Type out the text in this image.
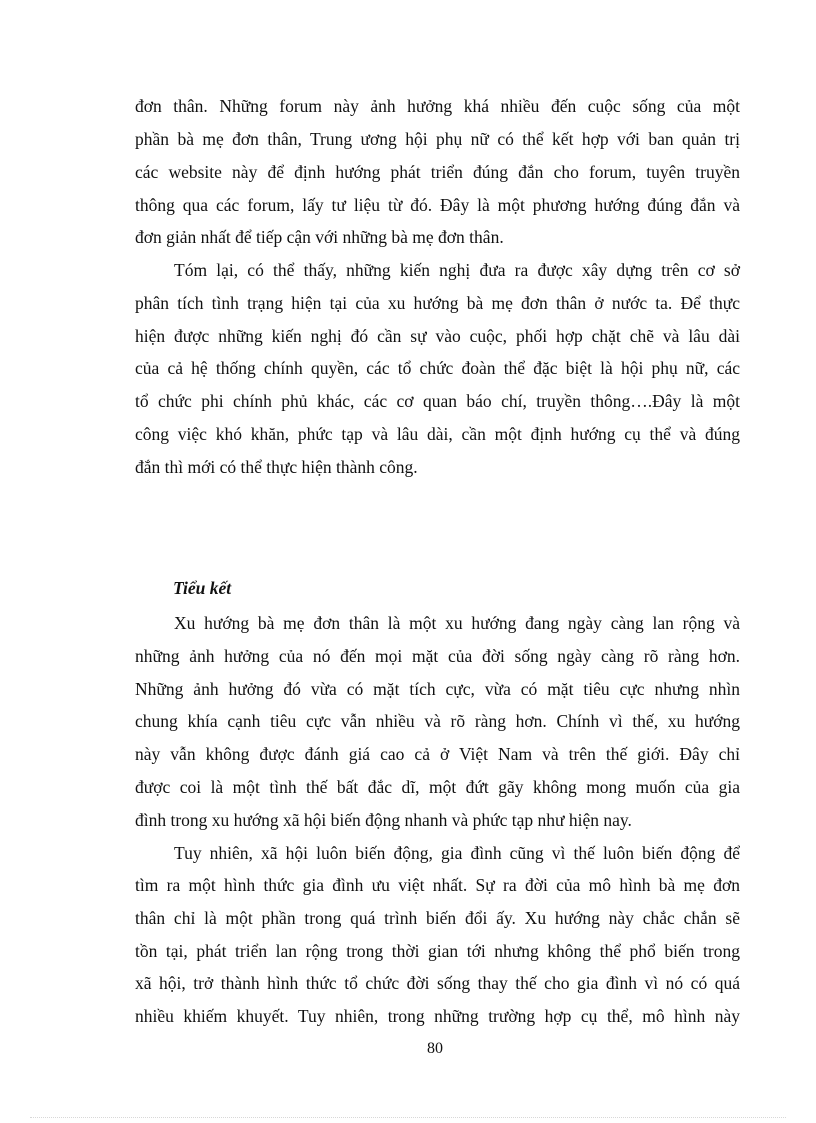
đơn thân. Những forum này ảnh hưởng khá nhiều đến cuộc sống của một
phần bà mẹ đơn thân, Trung ương hội phụ nữ có thể kết hợp với ban quản trị
các website này để định hướng phát triển đúng đắn cho forum, tuyên truyền
thông qua các forum, lấy tư liệu từ đó. Đây là một phương hướng đúng đắn và
đơn giản nhất để tiếp cận với những bà mẹ đơn thân.
Tóm lại, có thể thấy, những kiến nghị đưa ra được xây dựng trên cơ sở
phân tích tình trạng hiện tại của xu hướng bà mẹ đơn thân ở nước ta. Để thực
hiện được những kiến nghị đó cần sự vào cuộc, phối hợp chặt chẽ và lâu dài
của cả hệ thống chính quyền, các tổ chức đoàn thể đặc biệt là hội phụ nữ, các
tổ chức phi chính phủ khác, các cơ quan báo chí, truyền thông….Đây là một
công việc khó khăn, phức tạp và lâu dài, cần một định hướng cụ thể và đúng
đắn thì mới có thể thực hiện thành công.
Tiểu kết
Xu hướng bà mẹ đơn thân là một xu hướng đang ngày càng lan rộng và
những ảnh hưởng của nó đến mọi mặt của đời sống ngày càng rõ ràng hơn.
Những ảnh hưởng đó vừa có mặt tích cực, vừa có mặt tiêu cực nhưng nhìn
chung khía cạnh tiêu cực vẫn nhiều và rõ ràng hơn. Chính vì thế, xu hướng
này vẫn không được đánh giá cao cả ở Việt Nam và trên thế giới. Đây chỉ
được coi là một tình thế bất đắc dĩ, một đứt gãy không mong muốn của gia
đình trong xu hướng xã hội biến động nhanh và phức tạp như hiện nay.
Tuy nhiên, xã hội luôn biến động, gia đình cũng vì thế luôn biến động để
tìm ra một hình thức gia đình ưu việt nhất. Sự ra đời của mô hình bà mẹ đơn
thân chỉ là một phần trong quá trình biến đổi ấy. Xu hướng này chắc chắn sẽ
tồn tại, phát triển lan rộng trong thời gian tới nhưng không thể phổ biến trong
xã hội, trở thành hình thức tổ chức đời sống thay thế cho gia đình vì nó có quá
nhiều khiếm khuyết. Tuy nhiên, trong những trường hợp cụ thể, mô hình này
80
